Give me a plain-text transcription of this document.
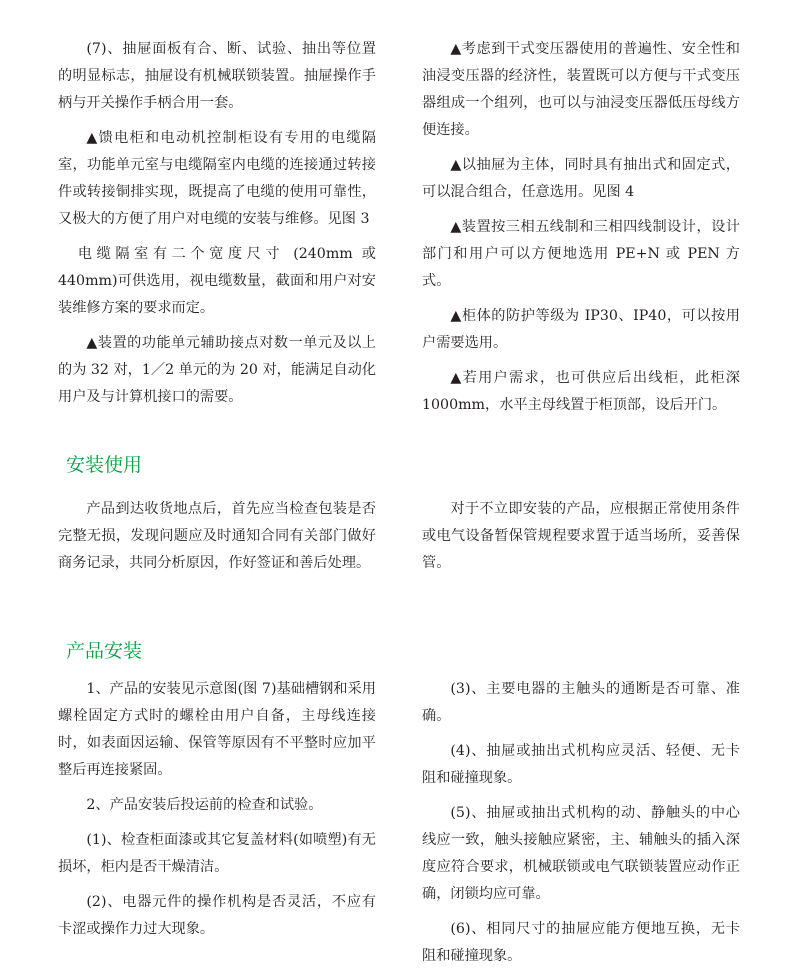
(7)、抽屉面板有合、断、试验、抽出等位置的明显标志，抽屉设有机械联锁装置。抽屉操作手柄与开关操作手柄合用一套。

▲馈电柜和电动机控制柜设有专用的电缆隔室，功能单元室与电缆隔室内电缆的连接通过转接件或转接铜排实现，既提高了电缆的使用可靠性，又极大的方便了用户对电缆的安装与维修。见图 3

电缆隔室有二个宽度尺寸 (240mm 或 440mm)可供选用，视电缆数量，截面和用户对安装维修方案的要求而定。

▲装置的功能单元辅助接点对数一单元及以上的为 32 对，1／2 单元的为 20 对，能满足自动化用户及与计算机接口的需要。

▲考虑到干式变压器使用的普遍性、安全性和油浸变压器的经济性，装置既可以方便与干式变压器组成一个组列，也可以与油浸变压器低压母线方便连接。

▲以抽屉为主体，同时具有抽出式和固定式，可以混合组合，任意选用。见图 4

▲装置按三相五线制和三相四线制设计，设计部门和用户可以方便地选用 PE+N 或 PEN 方式。

▲柜体的防护等级为 IP30、IP40，可以按用户需要选用。

▲若用户需求，也可供应后出线柜，此柜深 1000mm，水平主母线置于柜顶部，设后开门。

安装使用

产品到达收货地点后，首先应当检查包装是否完整无损，发现问题应及时通知合同有关部门做好商务记录，共同分析原因，作好签证和善后处理。

对于不立即安装的产品，应根据正常使用条件或电气设备暂保管规程要求置于适当场所，妥善保管。

产品安装

1、产品的安装见示意图(图 7)基础槽钢和采用螺栓固定方式时的螺栓由用户自备，主母线连接时，如表面因运输、保管等原因有不平整时应加平整后再连接紧固。

2、产品安装后投运前的检查和试验。

(1)、检查柜面漆或其它复盖材料(如喷塑)有无损坏，柜内是否干燥清洁。

(2)、电器元件的操作机构是否灵活，不应有卡涩或操作力过大现象。

(3)、主要电器的主触头的通断是否可靠、准确。

(4)、抽屉或抽出式机构应灵活、轻便、无卡阻和碰撞现象。

(5)、抽屉或抽出式机构的动、静触头的中心线应一致，触头接触应紧密，主、辅触头的插入深度应符合要求，机械联锁或电气联锁装置应动作正确，闭锁均应可靠。

(6)、相同尺寸的抽屉应能方便地互换，无卡阻和碰撞现象。
